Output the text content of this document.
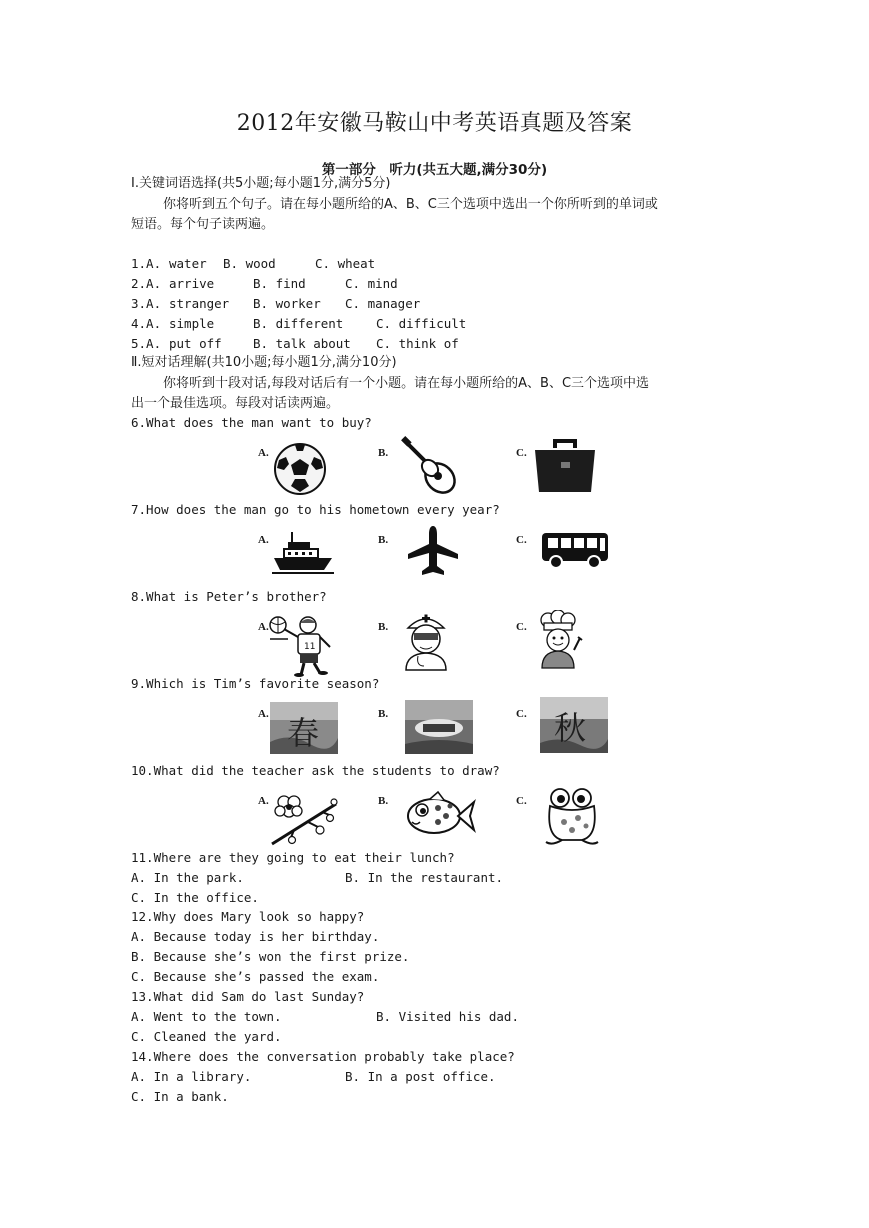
2012年安徽马鞍山中考英语真题及答案
第一部分　听力(共五大题,满分30分)
Ⅰ.关键词语选择(共5小题;每小题1分,满分5分)
你将听到五个句子。请在每小题所给的A、B、C三个选项中选出一个你所听到的单词或
短语。每个句子读两遍。
1.A. water B. wood	C. wheat
2.A. arrive	B. find	C. mind
3.A. stranger B. worker C. manager
4.A. simple	B. different	C. difficult
5.A. put off	B. talk about C. think of
Ⅱ.短对话理解(共10小题;每小题1分,满分10分)
你将听到十段对话,每段对话后有一个小题。请在每小题所给的A、B、C三个选项中选
出一个最佳选项。每段对话读两遍。
6.What does the man want to buy?
A.	B.	C.
7.How does the man go to his hometown every year?
A.	B.	C.
8.What is Peter’s brother?
A.
11
B.	C.
9.Which is Tim’s favorite season?
A. 春	B.	C. 秋
10.What did the teacher ask the students to draw?
A.	B.	C.
11.Where are they going to eat their lunch?
A. In the park.	B. In the restaurant.
C. In the office.
12.Why does Mary look so happy?
A. Because today is her birthday.
B. Because she’s won the first prize.
C. Because she’s passed the exam.
13.What did Sam do last Sunday?
A. Went to the town.	B. Visited his dad.
C. Cleaned the yard.
14.Where does the conversation probably take place?
A. In a library.	B. In a post office.
C. In a bank.
